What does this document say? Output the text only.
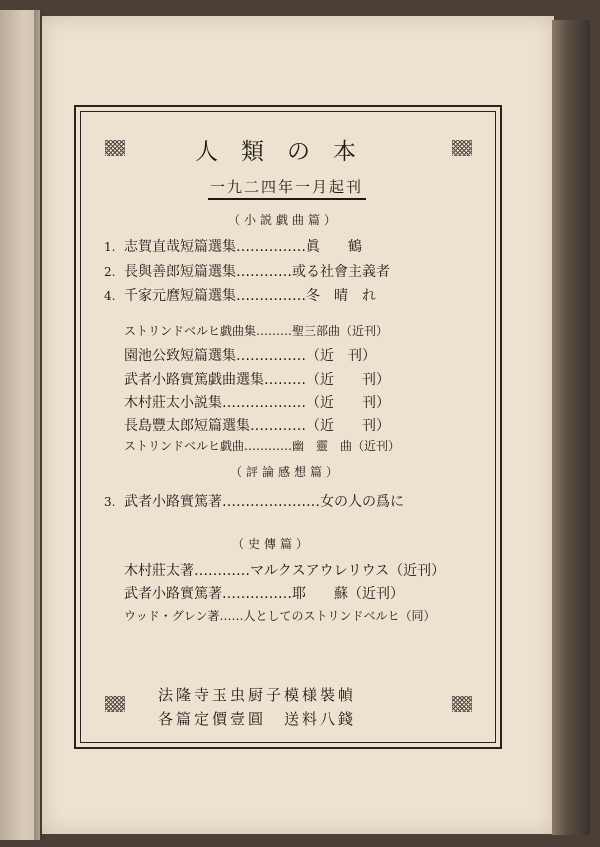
人類の本
一九二四年一月起刊
（小説戯曲篇）
1. 志賀直哉短篇選集……………眞　　鶴
2. 長與善郎短篇選集…………或る社會主義者
4. 千家元麿短篇選集……………冬　晴　れ
ストリンドベルヒ戯曲集………聖三部曲（近刊）
園池公致短篇選集……………（近　刊）
武者小路實篤戯曲選集………（近　　刊）
木村莊太小説集………………（近　　刊）
長島豐太郎短篇選集…………（近　　刊）
ストリンドベルヒ戯曲…………幽　靈　曲（近刊）
（評論感想篇）
3. 武者小路實篤著…………………女の人の爲に
（史傳篇）
木村莊太著…………マルクスアウレリウス（近刊）
武者小路實篤著……………耶　　蘇（近刊）
ウッド・グレン著……人としてのストリンドベルヒ（同）
法隆寺玉虫厨子模様裝幀
各篇定價壹圓　送料八錢
